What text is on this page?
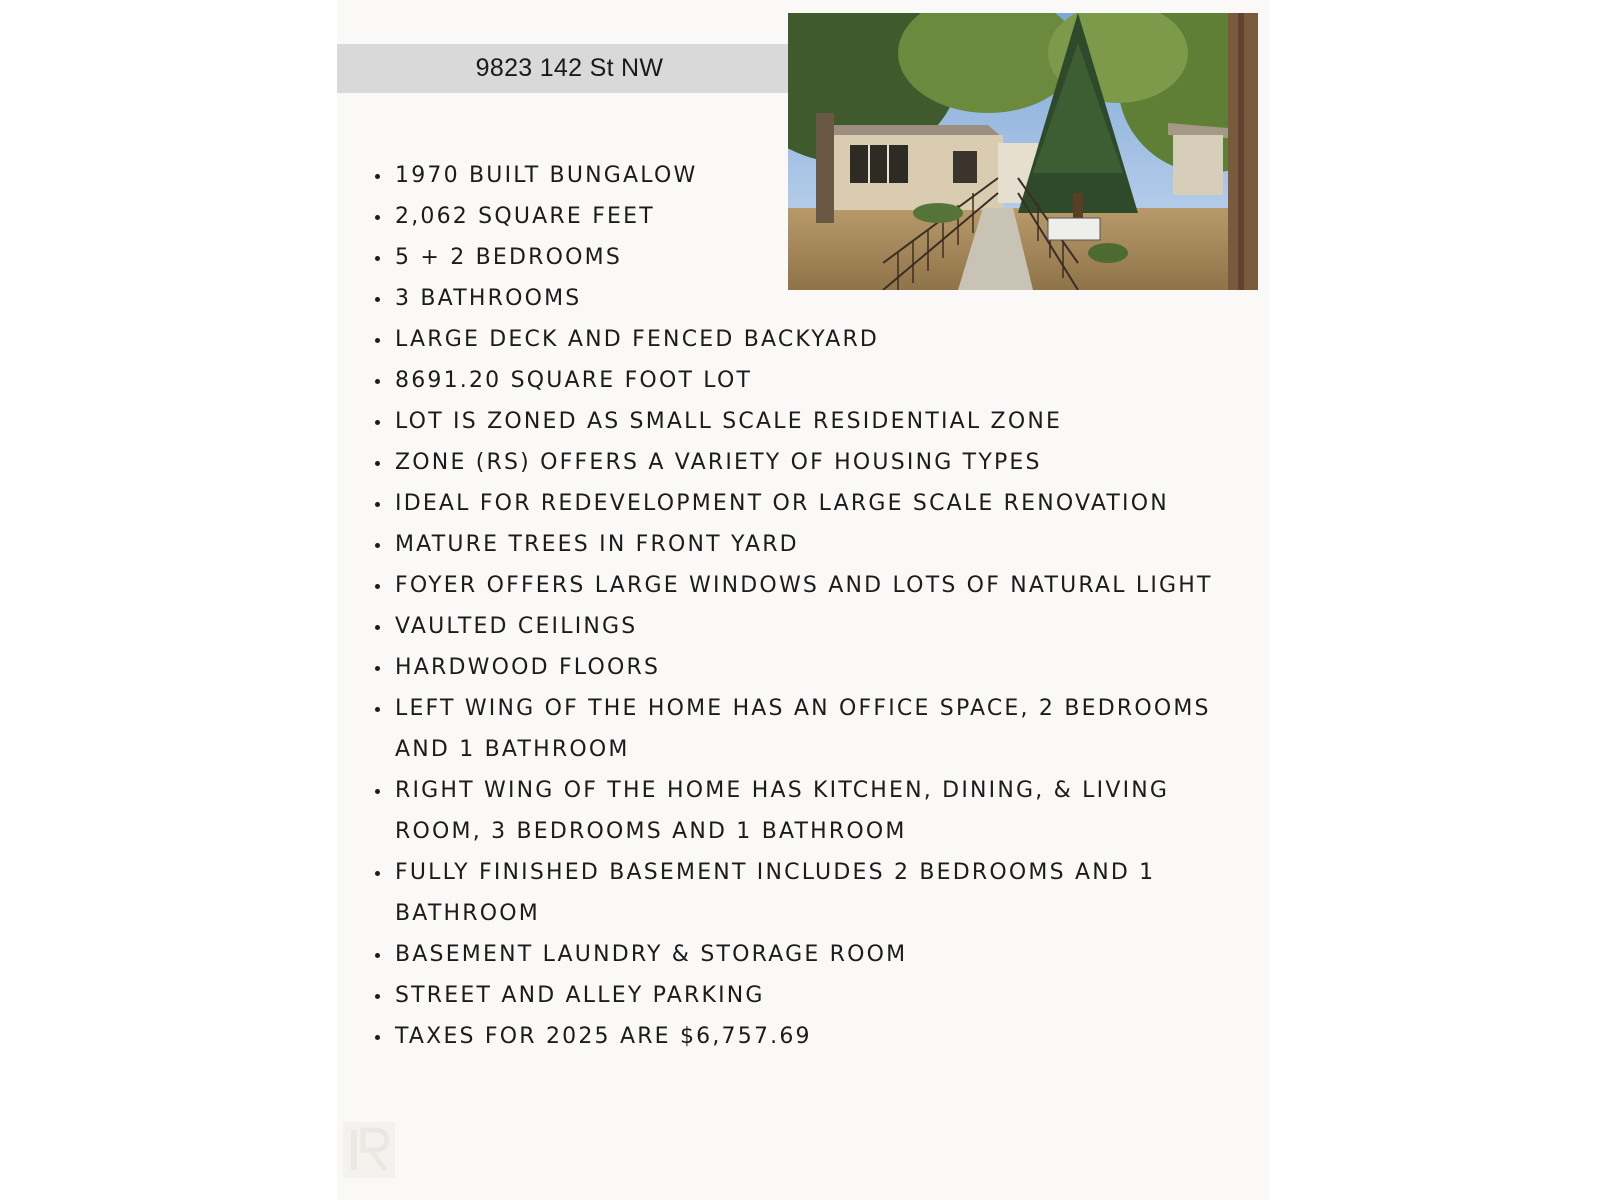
9823 142 St NW
1970 BUILT BUNGALOW
2,062 SQUARE FEET
5 + 2 BEDROOMS
3 BATHROOMS
LARGE DECK AND FENCED BACKYARD
8691.20 SQUARE FOOT LOT
LOT IS ZONED AS SMALL SCALE RESIDENTIAL ZONE
ZONE (RS) OFFERS A VARIETY OF HOUSING TYPES
IDEAL FOR REDEVELOPMENT OR LARGE SCALE RENOVATION
MATURE TREES IN FRONT YARD
FOYER OFFERS LARGE WINDOWS AND LOTS OF NATURAL LIGHT
VAULTED CEILINGS
HARDWOOD FLOORS
LEFT WING OF THE HOME HAS AN OFFICE SPACE, 2 BEDROOMS AND 1 BATHROOM
RIGHT WING OF THE HOME HAS KITCHEN, DINING, & LIVING ROOM, 3 BEDROOMS AND 1 BATHROOM
FULLY FINISHED BASEMENT INCLUDES 2 BEDROOMS AND 1 BATHROOM
BASEMENT LAUNDRY & STORAGE ROOM
STREET AND ALLEY PARKING
TAXES FOR 2025 ARE $6,757.69
